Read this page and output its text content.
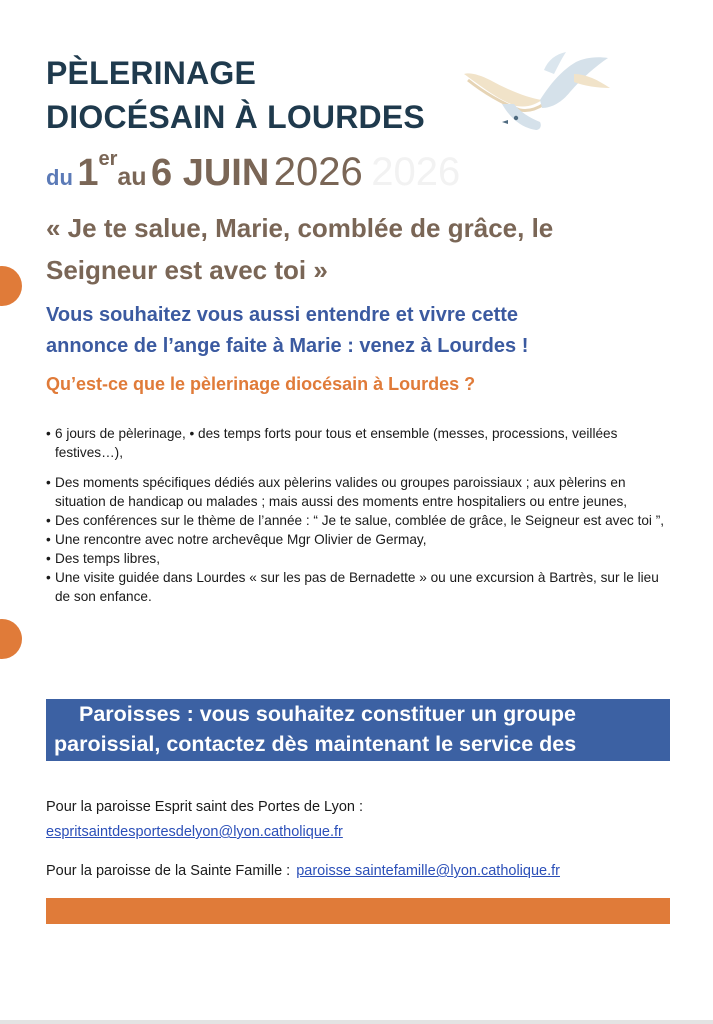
PÈLERINAGE
DIOCÉSAIN À LOURDES
du 1erau 6 JUIN 2026 2026

« Je te salue, Marie, comblée de grâce, le
Seigneur est avec toi »

Vous souhaitez vous aussi entendre et vivre cette
annonce de l’ange faite à Marie : venez à Lourdes !

Qu’est-ce que le pèlerinage diocésain à Lourdes ?
• 6 jours de pèlerinage, • des temps forts pour tous et ensemble (messes, processions, veillées festives…),
• Des moments spécifiques dédiés aux pèlerins valides ou groupes paroissiaux ; aux pèlerins en situation de handicap ou malades ; mais aussi des moments entre hospitaliers ou entre jeunes,
• Des conférences sur le thème de l’année : “ Je te salue, comblée de grâce, le Seigneur est avec toi ”,
• Une rencontre avec notre archevêque Mgr Olivier de Germay,
• Des temps libres,
• Une visite guidée dans Lourdes « sur les pas de Bernadette » ou une excursion à Bartrès, sur le lieu de son enfance.
Paroisses : vous souhaitez constituer un groupe
paroissial, contactez dès maintenant le service des

Pour la paroisse Esprit saint des Portes de Lyon :

espritsaintdesportesdelyon@lyon.catholique.fr

Pour la paroisse de la Sainte Famille : paroisse saintefamille@lyon.catholique.fr
